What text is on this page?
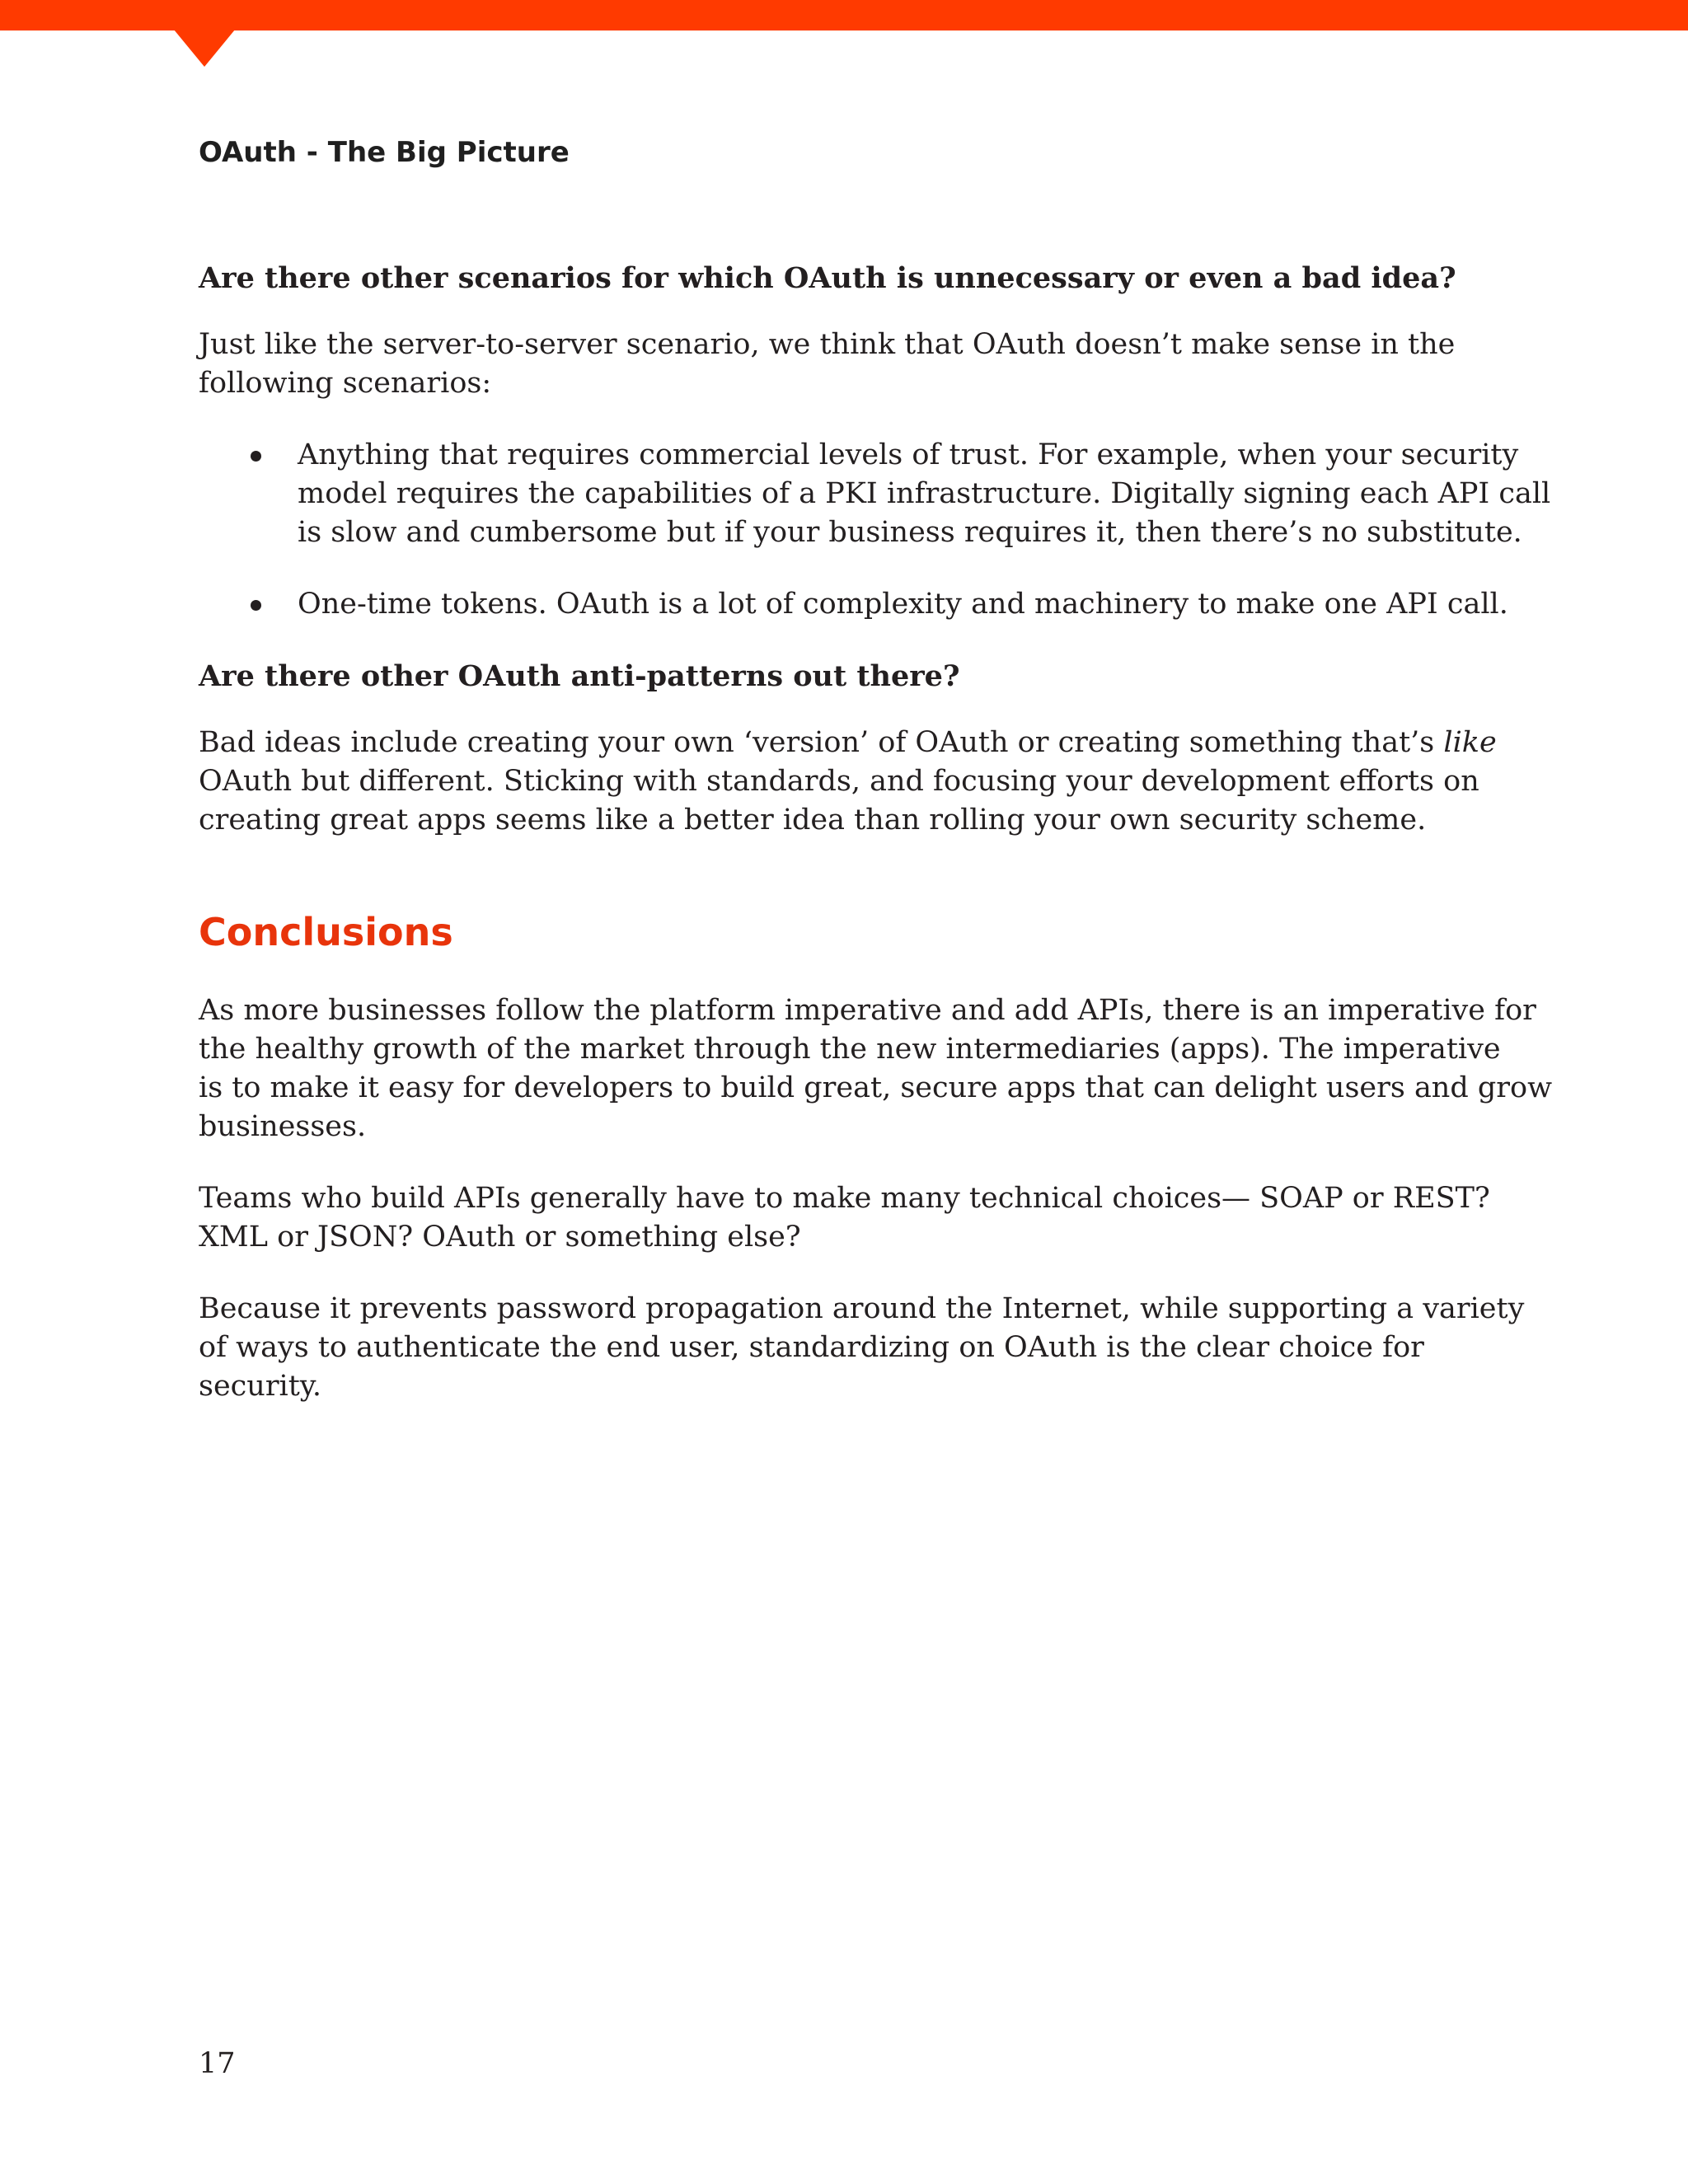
OAuth - The Big Picture
Are there other scenarios for which OAuth is unnecessary or even a bad idea?
Just like the server-to-server scenario, we think that OAuth doesn’t make sense in the
following scenarios:
Anything that requires commercial levels of trust. For example, when your security
model requires the capabilities of a PKI infrastructure. Digitally signing each API call
is slow and cumbersome but if your business requires it, then there’s no substitute.
One-time tokens. OAuth is a lot of complexity and machinery to make one API call.
Are there other OAuth anti-patterns out there?
Bad ideas include creating your own ‘version’ of OAuth or creating something that’s like
OAuth but different. Sticking with standards, and focusing your development efforts on
creating great apps seems like a better idea than rolling your own security scheme.
Conclusions
As more businesses follow the platform imperative and add APIs, there is an imperative for
the healthy growth of the market through the new intermediaries (apps). The imperative
is to make it easy for developers to build great, secure apps that can delight users and grow
businesses.
Teams who build APIs generally have to make many technical choices— SOAP or REST?
XML or JSON? OAuth or something else?
Because it prevents password propagation around the Internet, while supporting a variety
of ways to authenticate the end user, standardizing on OAuth is the clear choice for
security.
17
